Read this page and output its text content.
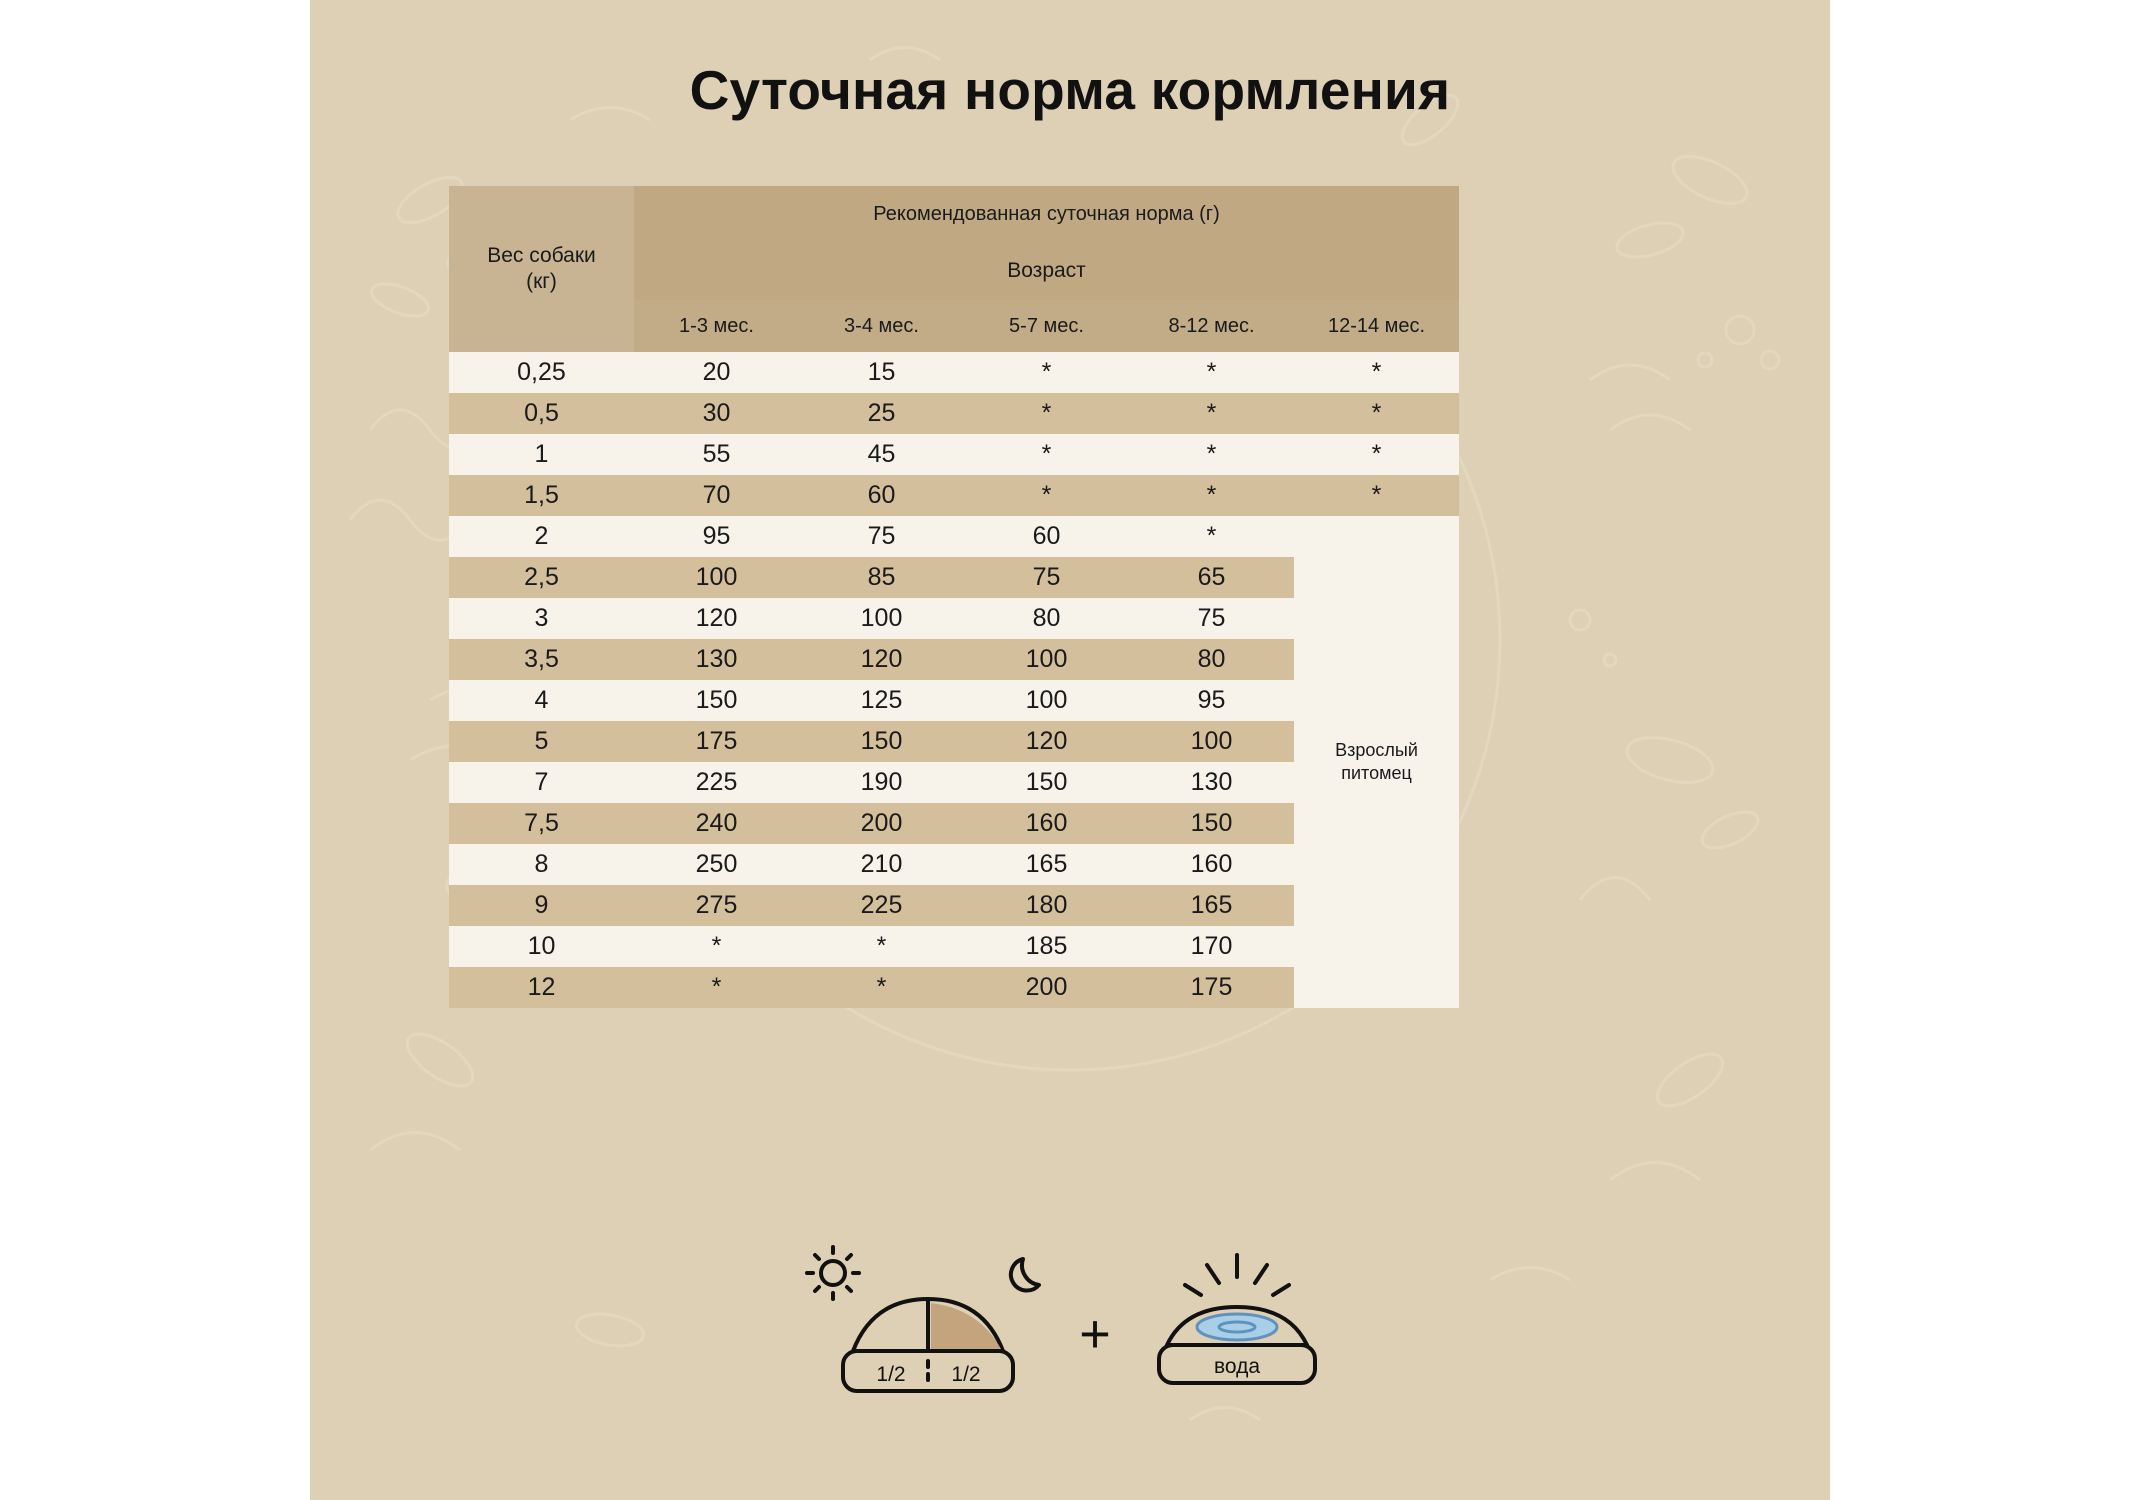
Суточная норма кормления
Вес собаки
(кг)	Рекомендованная суточная норма (г)				
	Возраст				
	1-3 мес.	3-4 мес.	5-7 мес.	8-12 мес.	12-14 мес.
0,25	20	15	*	*	*
0,5	30	25	*	*	*
1	55	45	*	*	*
1,5	70	60	*	*	*
2	95	75	60	*	Взрослый
питомец

2,5	100	85	75	65	
3	120	100	80	75	
3,5	130	120	100	80	
4	150	125	100	95	
5	175	150	120	100	
7	225	190	150	130	
7,5	240	200	160	150	
8	250	210	165	160	
9	275	225	180	165	
10	*	*	185	170	
12	*	*	200	175	
1/2 1/2
+
вода
